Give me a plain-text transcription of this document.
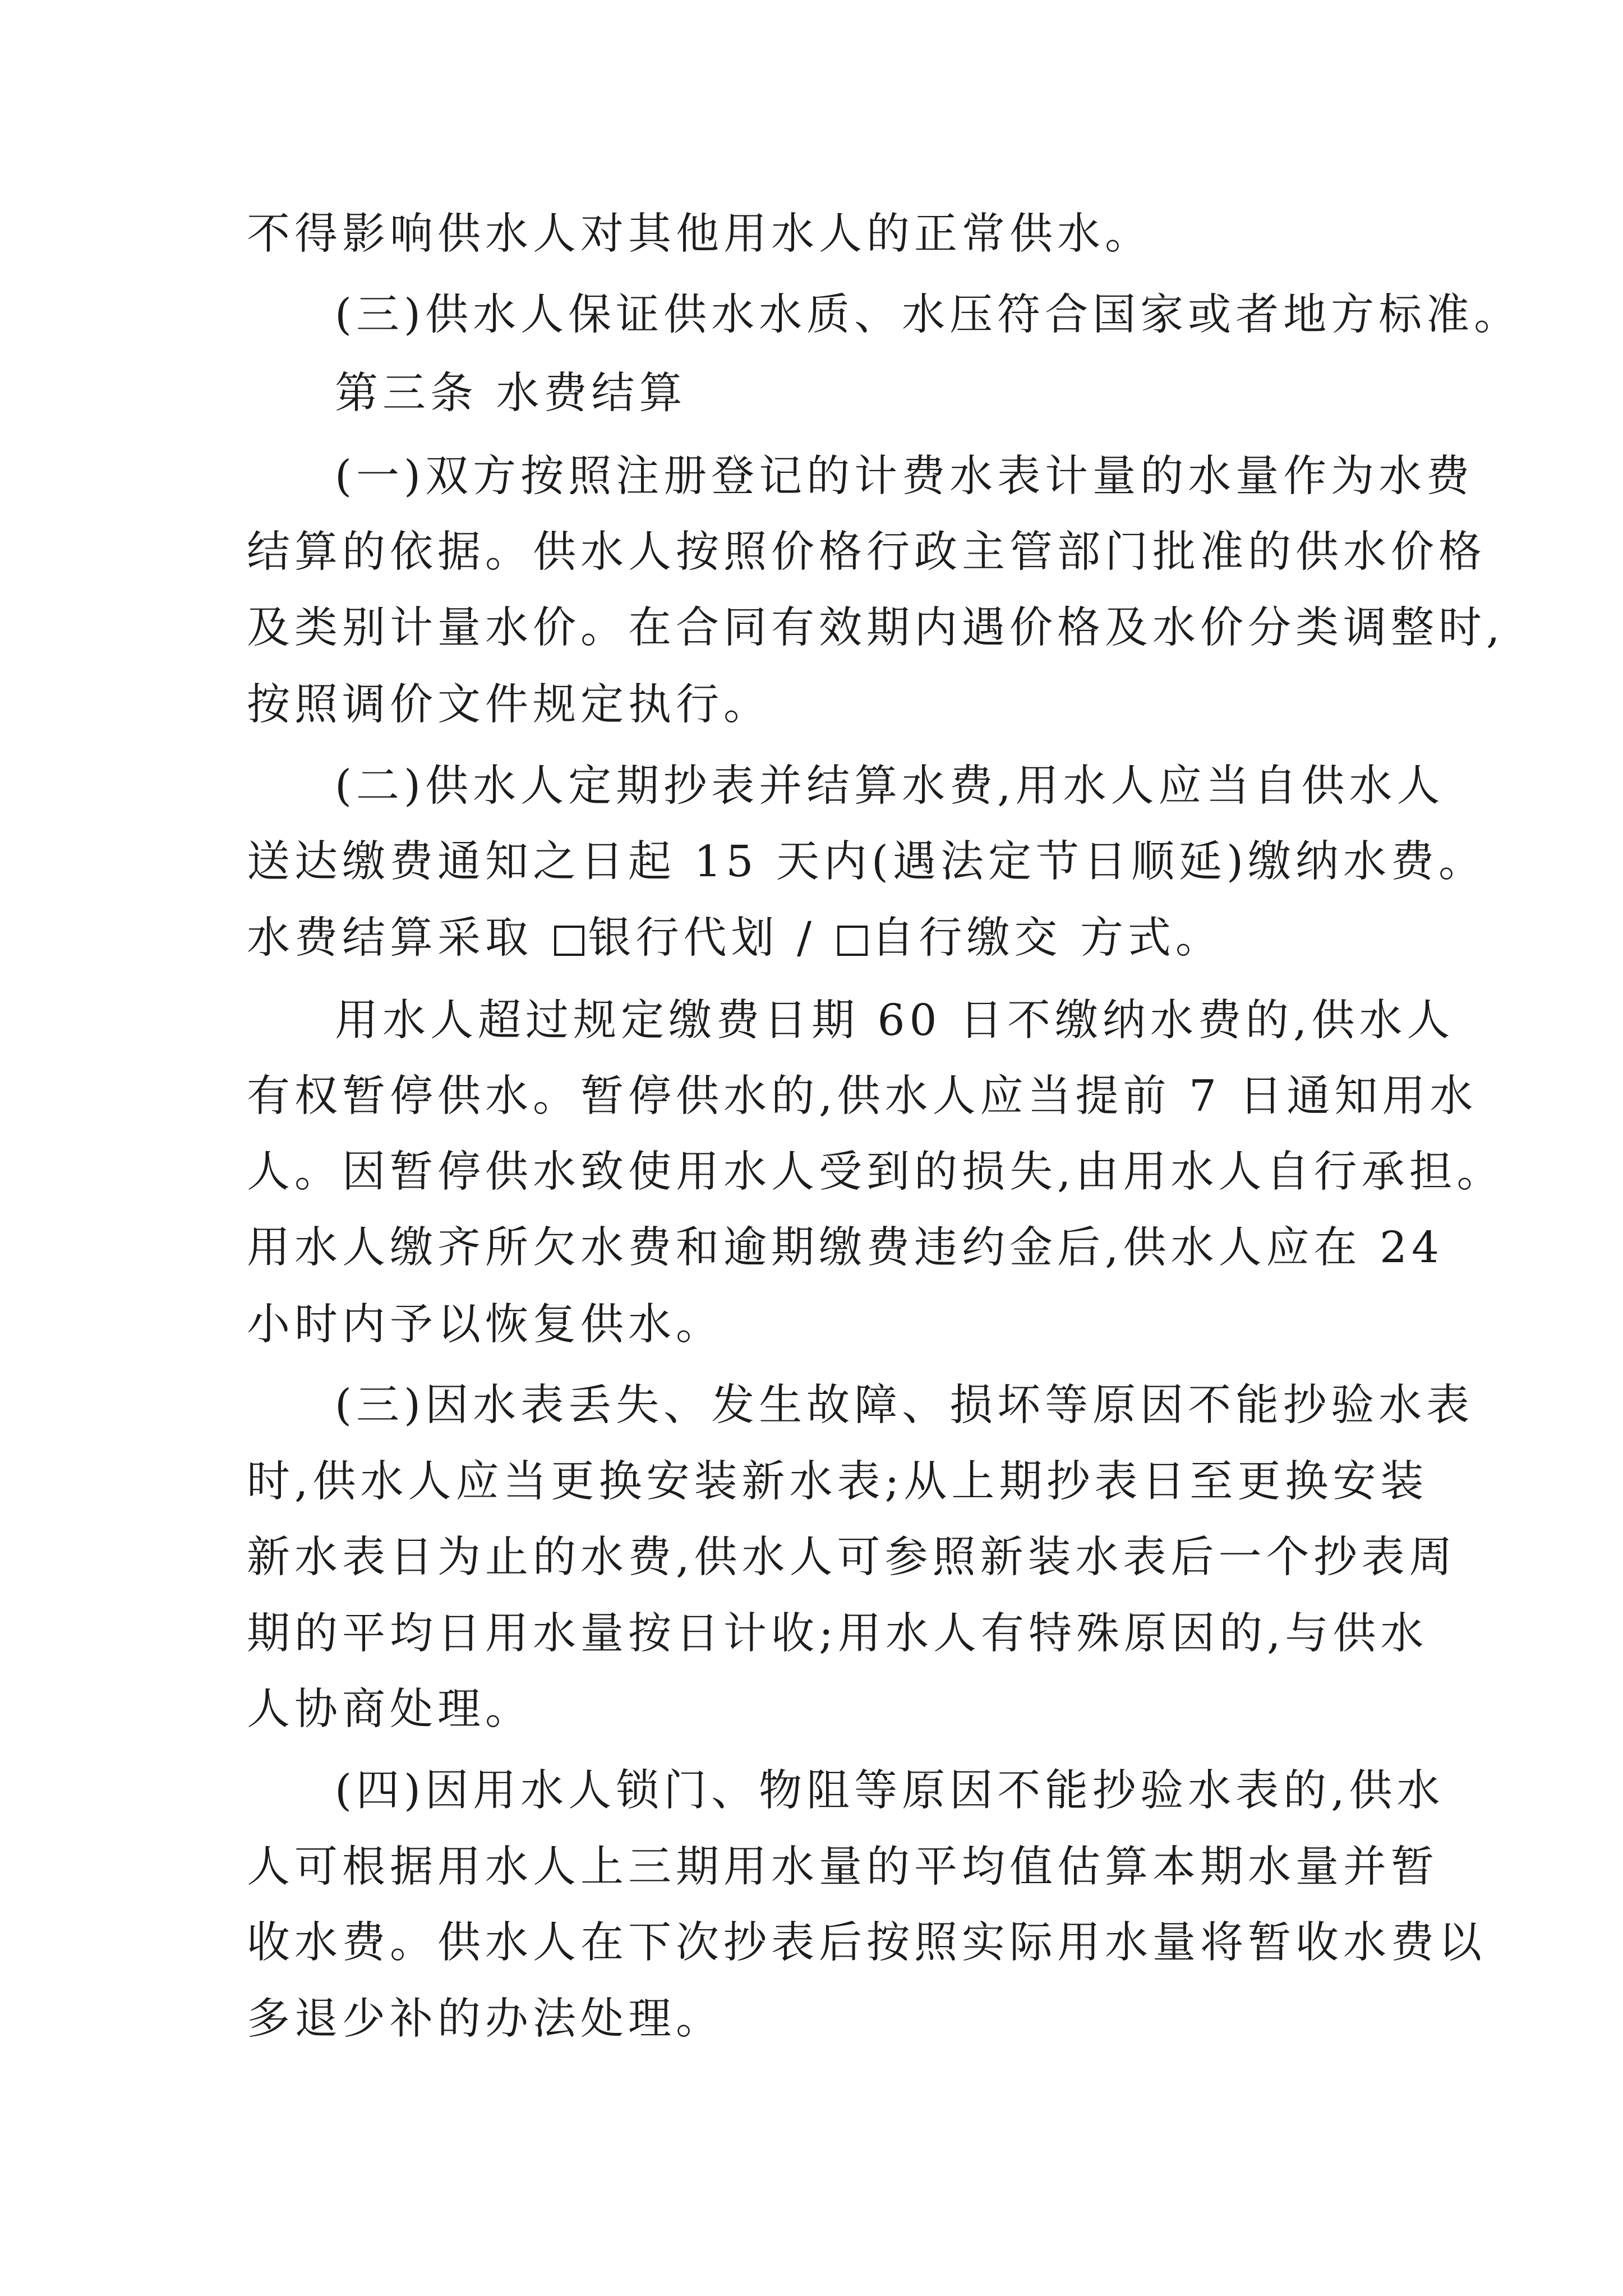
不得影响供水人对其他用水人的正常供水。

(三)供水人保证供水水质、水压符合国家或者地方标准。

第三条 水费结算

(一)双方按照注册登记的计费水表计量的水量作为水费

结算的依据。供水人按照价格行政主管部门批准的供水价格

及类别计量水价。在合同有效期内遇价格及水价分类调整时,

按照调价文件规定执行。

(二)供水人定期抄表并结算水费,用水人应当自供水人

送达缴费通知之日起 15 天内(遇法定节日顺延)缴纳水费。

水费结算采取 银行代划 / 自行缴交 方式。

用水人超过规定缴费日期 60 日不缴纳水费的,供水人

有权暂停供水。暂停供水的,供水人应当提前 7 日通知用水

人。因暂停供水致使用水人受到的损失,由用水人自行承担。

用水人缴齐所欠水费和逾期缴费违约金后,供水人应在 24

小时内予以恢复供水。

(三)因水表丢失、发生故障、损坏等原因不能抄验水表

时,供水人应当更换安装新水表;从上期抄表日至更换安装

新水表日为止的水费,供水人可参照新装水表后一个抄表周

期的平均日用水量按日计收;用水人有特殊原因的,与供水

人协商处理。

(四)因用水人锁门、物阻等原因不能抄验水表的,供水

人可根据用水人上三期用水量的平均值估算本期水量并暂

收水费。供水人在下次抄表后按照实际用水量将暂收水费以

多退少补的办法处理。
